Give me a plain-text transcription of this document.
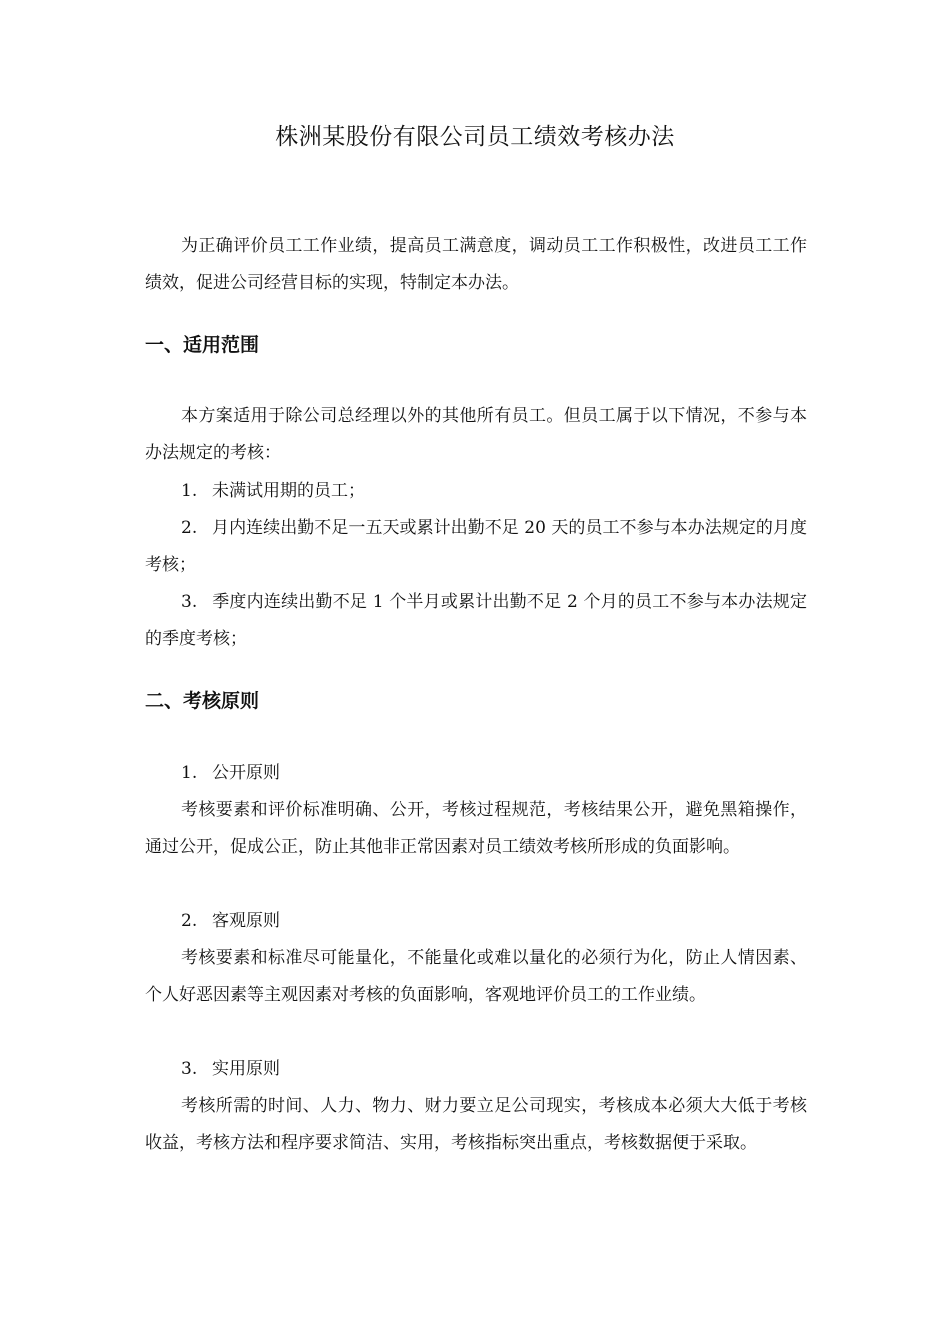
株洲某股份有限公司员工绩效考核办法

为正确评价员工工作业绩，提高员工满意度，调动员工工作积极性，改进员工工作绩效，促进公司经营目标的实现，特制定本办法。

一、适用范围

本方案适用于除公司总经理以外的其他所有员工。但员工属于以下情况，不参与本办法规定的考核：

1. 未满试用期的员工；

2. 月内连续出勤不足一五天或累计出勤不足 20 天的员工不参与本办法规定的月度考核；

3. 季度内连续出勤不足 1 个半月或累计出勤不足 2 个月的员工不参与本办法规定的季度考核；

二、考核原则

1. 公开原则

考核要素和评价标准明确、公开，考核过程规范，考核结果公开，避免黑箱操作，通过公开，促成公正，防止其他非正常因素对员工绩效考核所形成的负面影响。

2. 客观原则

考核要素和标准尽可能量化，不能量化或难以量化的必须行为化，防止人情因素、个人好恶因素等主观因素对考核的负面影响，客观地评价员工的工作业绩。

3. 实用原则

考核所需的时间、人力、物力、财力要立足公司现实，考核成本必须大大低于考核收益，考核方法和程序要求简洁、实用，考核指标突出重点，考核数据便于采取。
